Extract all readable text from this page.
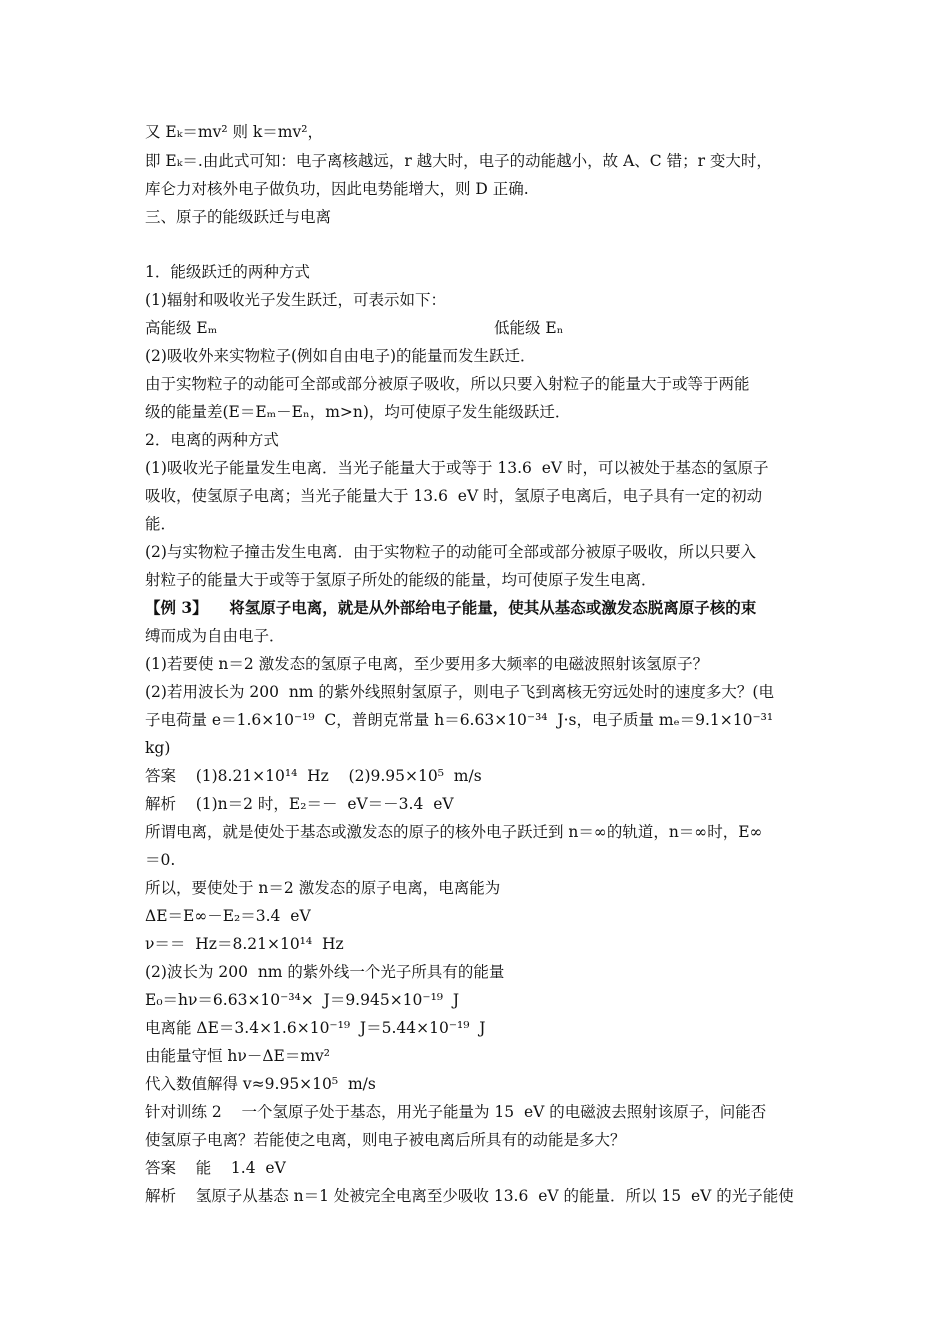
又 Eₖ＝mv² 则 k＝mv²，
即 Eₖ＝.由此式可知：电子离核越远，r 越大时，电子的动能越小，故 A、C 错；r 变大时，
库仑力对核外电子做负功，因此电势能增大，则 D 正确.
三、原子的能级跃迁与电离
1．能级跃迁的两种方式
(1)辐射和吸收光子发生跃迁，可表示如下：
高能级 Eₘ	低能级 Eₙ
(2)吸收外来实物粒子(例如自由电子)的能量而发生跃迁．
由于实物粒子的动能可全部或部分被原子吸收，所以只要入射粒子的能量大于或等于两能
级的能量差(E＝Eₘ－Eₙ，m>n)，均可使原子发生能级跃迁．
2．电离的两种方式
(1)吸收光子能量发生电离．当光子能量大于或等于 13.6  eV 时，可以被处于基态的氢原子
吸收，使氢原子电离；当光子能量大于 13.6  eV 时，氢原子电离后，电子具有一定的初动
能．
(2)与实物粒子撞击发生电离．由于实物粒子的动能可全部或部分被原子吸收，所以只要入
射粒子的能量大于或等于氢原子所处的能级的能量，均可使原子发生电离．
【例 3】    将氢原子电离，就是从外部给电子能量，使其从基态或激发态脱离原子核的束
缚而成为自由电子．
(1)若要使 n＝2 激发态的氢原子电离，至少要用多大频率的电磁波照射该氢原子？
(2)若用波长为 200  nm 的紫外线照射氢原子，则电子飞到离核无穷远处时的速度多大？(电
子电荷量 e＝1.6×10⁻¹⁹  C，普朗克常量 h＝6.63×10⁻³⁴  J·s，电子质量 mₑ＝9.1×10⁻³¹
kg)
答案    (1)8.21×10¹⁴  Hz    (2)9.95×10⁵  m/s
解析    (1)n＝2 时，E₂＝－  eV＝－3.4  eV
所谓电离，就是使处于基态或激发态的原子的核外电子跃迁到 n＝∞的轨道，n＝∞时，E∞
＝0.
所以，要使处于 n＝2 激发态的原子电离，电离能为
ΔE＝E∞－E₂＝3.4  eV
ν＝＝  Hz＝8.21×10¹⁴  Hz
(2)波长为 200  nm 的紫外线一个光子所具有的能量
E₀＝hν＝6.63×10⁻³⁴×  J＝9.945×10⁻¹⁹  J
电离能 ΔE＝3.4×1.6×10⁻¹⁹  J＝5.44×10⁻¹⁹  J
由能量守恒 hν－ΔE＝mv²
代入数值解得 v≈9.95×10⁵  m/s
针对训练 2    一个氢原子处于基态，用光子能量为 15  eV 的电磁波去照射该原子，问能否
使氢原子电离？若能使之电离，则电子被电离后所具有的动能是多大？
答案    能    1.4  eV
解析    氢原子从基态 n＝1 处被完全电离至少吸收 13.6  eV 的能量．所以 15  eV 的光子能使
